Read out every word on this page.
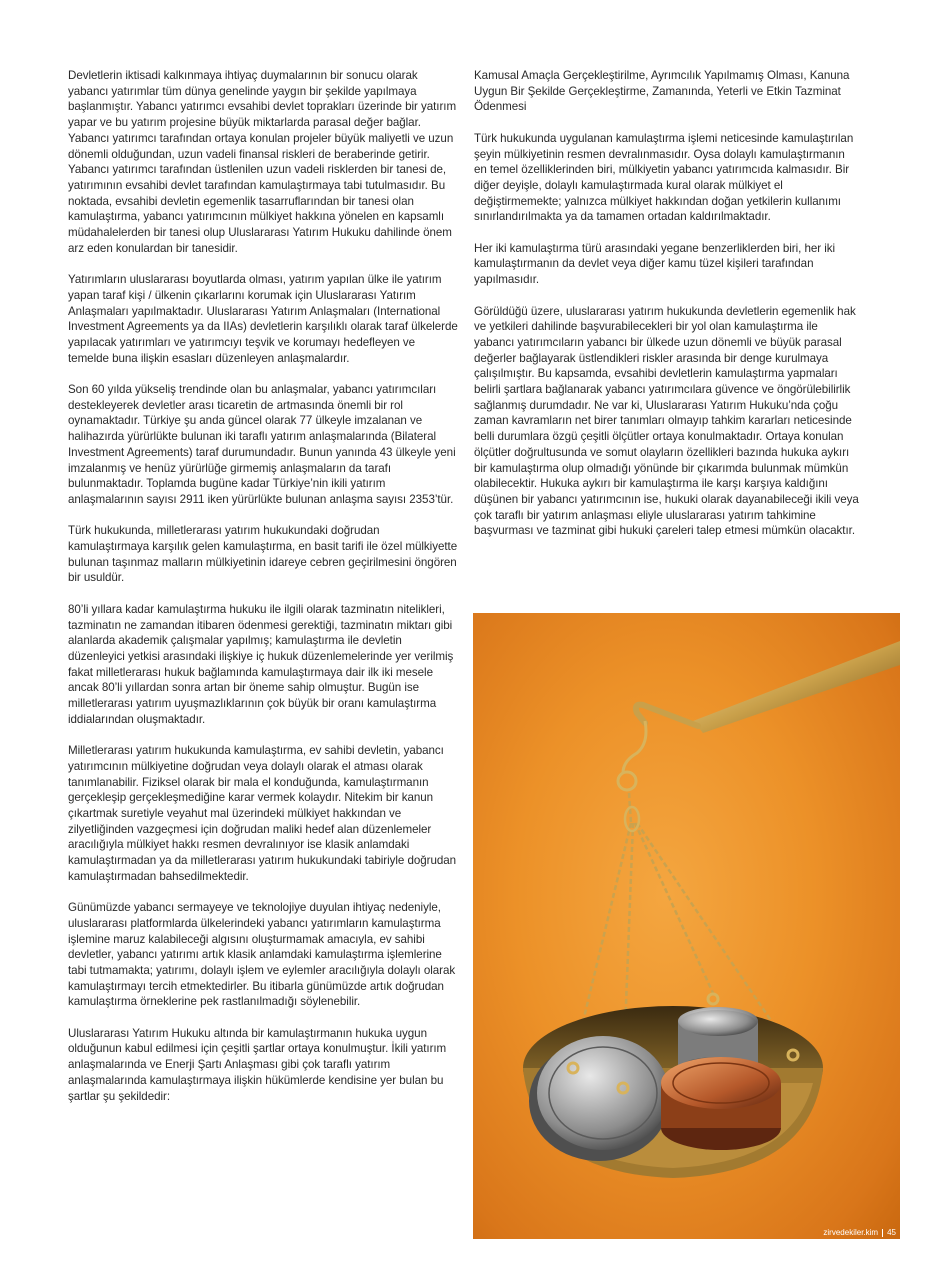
Devletlerin iktisadi kalkınmaya ihtiyaç duymalarının bir sonucu olarak yabancı yatırımlar tüm dünya genelinde yaygın bir şekilde yapılmaya başlanmıştır. Yabancı yatırımcı evsahibi devlet toprakları üzerinde bir yatırım yapar ve bu yatırım projesine büyük miktarlarda parasal değer bağlar. Yabancı yatırımcı tarafından ortaya konulan projeler büyük maliyetli ve uzun dönemli olduğundan, uzun vadeli finansal riskleri de beraberinde getirir. Yabancı yatırımcı tarafından üstlenilen uzun vadeli risklerden bir tanesi de, yatırımının evsahibi devlet tarafından kamulaştırmaya tabi tutulmasıdır. Bu noktada, evsahibi devletin egemenlik tasarruflarından bir tanesi olan kamulaştırma, yabancı yatırımcının mülkiyet hakkına yönelen en kapsamlı müdahalelerden bir tanesi olup Uluslararası Yatırım Hukuku dahilinde önem arz eden konulardan bir tanesidir.

Yatırımların uluslararası boyutlarda olması, yatırım yapılan ülke ile yatırım yapan taraf kişi / ülkenin çıkarlarını korumak için Uluslararası Yatırım Anlaşmaları yapılmaktadır. Uluslararası Yatırım Anlaşmaları (International Investment Agreements ya da IIAs) devletlerin karşılıklı olarak taraf ülkelerde yapılacak yatırımları ve yatırımcıyı teşvik ve korumayı hedefleyen ve temelde buna ilişkin esasları düzenleyen anlaşmalardır.

Son 60 yılda yükseliş trendinde olan bu anlaşmalar, yabancı yatırımcıları destekleyerek devletler arası ticaretin de artmasında önemli bir rol oynamaktadır. Türkiye şu anda güncel olarak 77 ülkeyle imzalanan ve halihazırda yürürlükte bulunan iki taraflı yatırım anlaşmalarında (Bilateral Investment Agreements) taraf durumundadır. Bunun yanında 43 ülkeyle yeni imzalanmış ve henüz yürürlüğe girmemiş anlaşmaların da tarafı bulunmaktadır. Toplamda bugüne kadar Türkiye’nin ikili yatırım anlaşmalarının sayısı 2911 iken yürürlükte bulunan anlaşma sayısı 2353’tür.

Türk hukukunda, milletlerarası yatırım hukukundaki doğrudan kamulaştırmaya karşılık gelen kamulaştırma, en basit tarifi ile özel mülkiyette bulunan taşınmaz malların mülkiyetinin idareye cebren geçirilmesini öngören bir usuldür.

80’li yıllara kadar kamulaştırma hukuku ile ilgili olarak tazminatın nitelikleri, tazminatın ne zamandan itibaren ödenmesi gerektiği, tazminatın miktarı gibi alanlarda akademik çalışmalar yapılmış; kamulaştırma ile devletin düzenleyici yetkisi arasındaki ilişkiye iç hukuk düzenlemelerinde yer verilmiş fakat milletlerarası hukuk bağlamında kamulaştırmaya dair ilk iki mesele ancak 80’li yıllardan sonra artan bir öneme sahip olmuştur. Bugün ise milletlerarası yatırım uyuşmazlıklarının çok büyük bir oranı kamulaştırma iddialarından oluşmaktadır.

Milletlerarası yatırım hukukunda kamulaştırma, ev sahibi devletin, yabancı yatırımcının mülkiyetine doğrudan veya dolaylı olarak el atması olarak tanımlanabilir. Fiziksel olarak bir mala el konduğunda, kamulaştırmanın gerçekleşip gerçekleşmediğine karar vermek kolaydır. Nitekim bir kanun çıkartmak suretiyle veyahut mal üzerindeki mülkiyet hakkından ve zilyetliğinden vazgeçmesi için doğrudan maliki hedef alan düzenlemeler aracılığıyla mülkiyet hakkı resmen devralınıyor ise klasik anlamdaki kamulaştırmadan ya da milletlerarası yatırım hukukundaki tabiriyle doğrudan kamulaştırmadan bahsedilmektedir.

Günümüzde yabancı sermayeye ve teknolojiye duyulan ihtiyaç nedeniyle, uluslararası platformlarda ülkelerindeki yabancı yatırımların kamulaştırma işlemine maruz kalabileceği algısını oluşturmamak amacıyla, ev sahibi devletler, yabancı yatırımı artık klasik anlamdaki kamulaştırma işlemlerine tabi tutmamakta; yatırımı, dolaylı işlem ve eylemler aracılığıyla dolaylı olarak kamulaştırmayı tercih etmektedirler. Bu itibarla günümüzde artık doğrudan kamulaştırma örneklerine pek rastlanılmadığı söylenebilir.

Uluslararası Yatırım Hukuku altında bir kamulaştırmanın hukuka uygun olduğunun kabul edilmesi için çeşitli şartlar ortaya konulmuştur. İkili yatırım anlaşmalarında ve Enerji Şartı Anlaşması gibi çok taraflı yatırım anlaşmalarında kamulaştırmaya ilişkin hükümlerde kendisine yer bulan bu şartlar şu şekildedir:

Kamusal Amaçla Gerçekleştirilme, Ayrımcılık Yapılmamış Olması, Kanuna Uygun Bir Şekilde Gerçekleştirme, Zamanında, Yeterli ve Etkin Tazminat Ödenmesi

Türk hukukunda uygulanan kamulaştırma işlemi neticesinde kamulaştırılan şeyin mülkiyetinin resmen devralınmasıdır. Oysa dolaylı kamulaştırmanın en temel özelliklerinden biri, mülkiyetin yabancı yatırımcıda kalmasıdır. Bir diğer deyişle, dolaylı kamulaştırmada kural olarak mülkiyet el değiştirmemekte; yalnızca mülkiyet hakkından doğan yetkilerin kullanımı sınırlandırılmakta ya da tamamen ortadan kaldırılmaktadır.

Her iki kamulaştırma türü arasındaki yegane benzerliklerden biri, her iki kamulaştırmanın da devlet veya diğer kamu tüzel kişileri tarafından yapılmasıdır.

Görüldüğü üzere, uluslararası yatırım hukukunda devletlerin egemenlik hak ve yetkileri dahilinde başvurabilecekleri bir yol olan kamulaştırma ile yabancı yatırımcıların yabancı bir ülkede uzun dönemli ve büyük parasal değerler bağlayarak üstlendikleri riskler arasında bir denge kurulmaya çalışılmıştır. Bu kapsamda, evsahibi devletlerin kamulaştırma yapmaları belirli şartlara bağlanarak yabancı yatırımcılara güvence ve öngörülebilirlik sağlanmış durumdadır. Ne var ki, Uluslararası Yatırım Hukuku’nda çoğu zaman kavramların net birer tanımları olmayıp tahkim kararları neticesinde belli durumlara özgü çeşitli ölçütler ortaya konulmaktadır. Ortaya konulan ölçütler doğrultusunda ve somut olayların özellikleri bazında hukuka aykırı bir kamulaştırma olup olmadığı yönünde bir çıkarımda bulunmak mümkün olabilecektir. Hukuka aykırı bir kamulaştırma ile karşı karşıya kaldığını düşünen bir yabancı yatırımcının ise, hukuki olarak dayanabileceği ikili veya çok taraflı bir yatırım anlaşması eliyle uluslararası yatırım tahkimine başvurması ve tazminat gibi hukuki çareleri talep etmesi mümkün olacaktır.

zirvedekiler.kim 45
